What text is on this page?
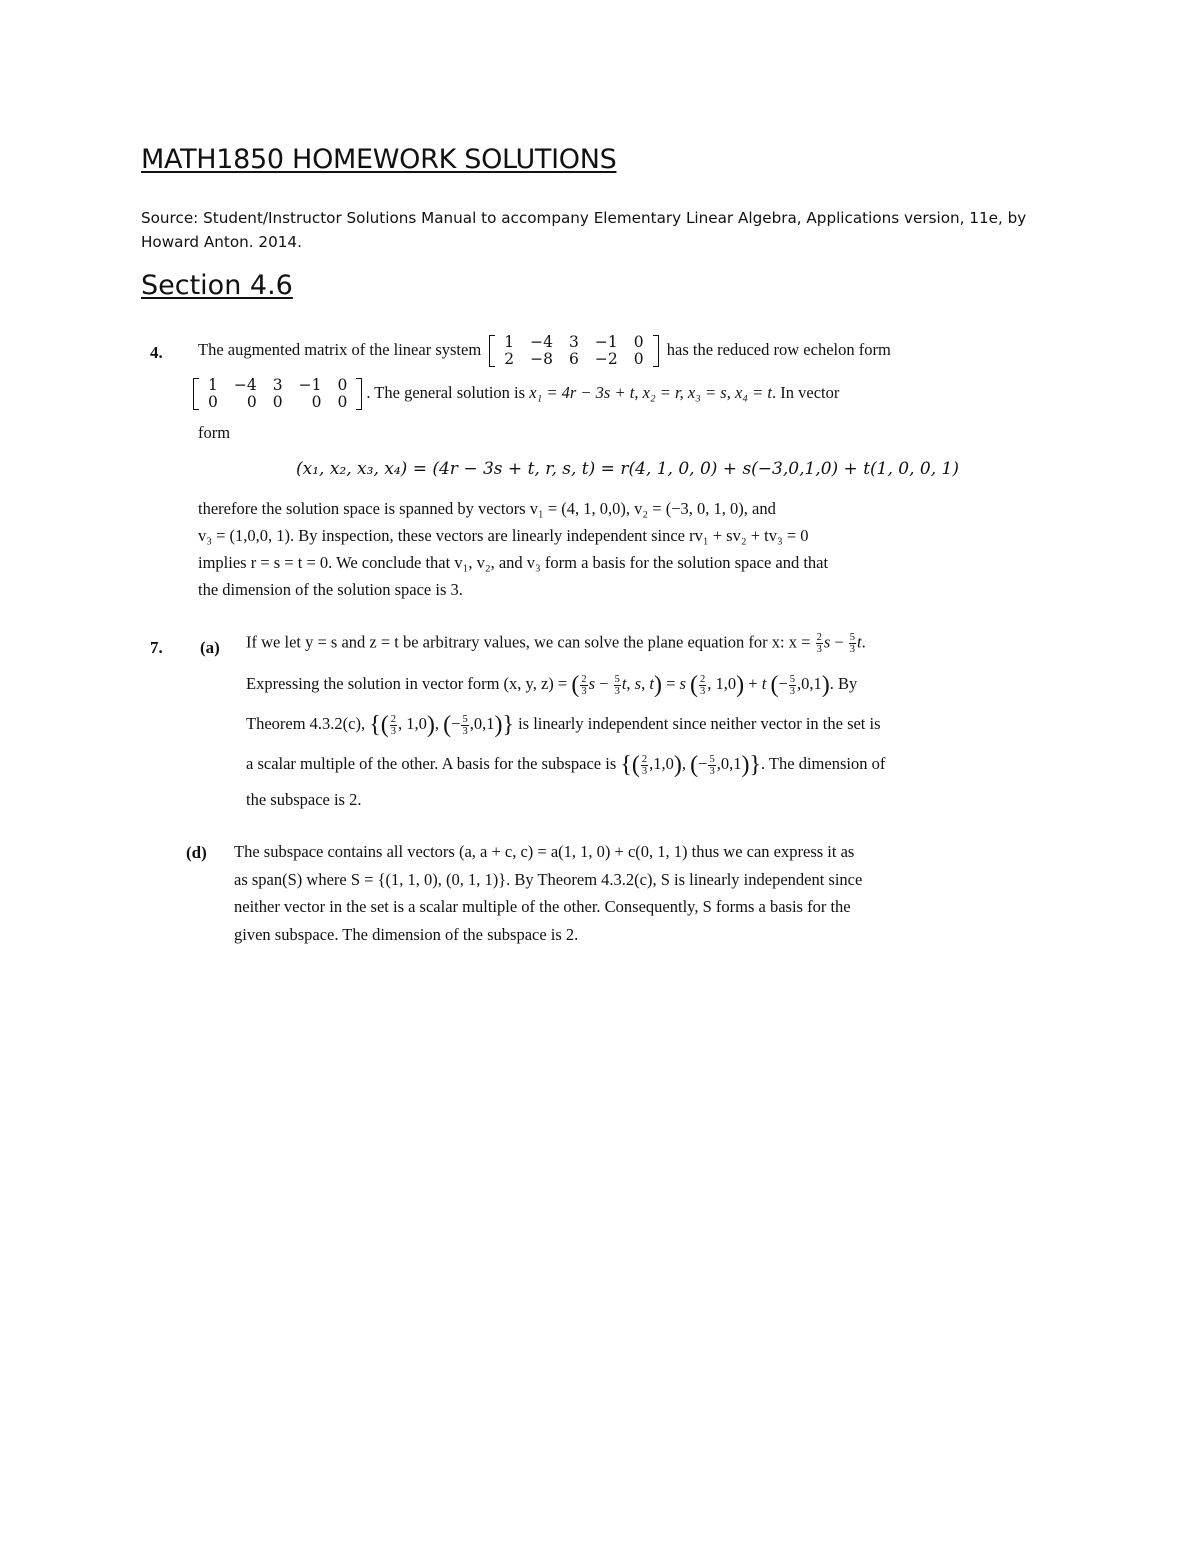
MATH1850 HOMEWORK SOLUTIONS

Source: Student/Instructor Solutions Manual to accompany Elementary Linear Algebra, Applications version, 11e, by Howard Anton. 2014.

Section 4.6
4. The augmented matrix of the linear system 1	−4	3	−1	0
2	−8	6	−2	0
has the reduced row echelon form
1	−4	3	−1	0
0	0	0	0	0
. The general solution is x₁ = 4r − 3s + t, x₂ = r, x₃ = s, x₄ = t. In vector
form
(x₁, x₂, x₃, x₄) = (4r − 3s + t, r, s, t) = r(4, 1, 0, 0) + s(−3,0,1,0) + t(1, 0, 0, 1)
therefore the solution space is spanned by vectors v₁ = (4, 1, 0,0), v₂ = (−3, 0, 1, 0), and
v₃ = (1,0,0, 1). By inspection, these vectors are linearly independent since rv₁ + sv₂ + tv₃ = 0
implies r = s = t = 0. We conclude that v₁, v₂, and v₃ form a basis for the solution space and that
the dimension of the solution space is 3.
7. (a) If we let y = s and z = t be arbitrary values, we can solve the plane equation for x: $x = \frac{2}{3}$ $s - \frac{5}{3} t$.
Expressing the solution in vector form (x, y, z) = ( $\frac{2}{3}$ $s - \frac{5}{3} t$, s, t) = s ( $\frac{2}{3}$ , 1,0) + t (− $\frac{5}{3} ,0,1$). By
Theorem 4.3.2(c), {( $\frac{2}{3}$ , 1,0), (− $\frac{5}{3} ,0,1$)} is linearly independent since neither vector in the set is
a scalar multiple of the other. A basis for the subspace is {( $\frac{2}{3} ,1,0$), (− $\frac{5}{3} ,0,1$)}. The dimension of
the subspace is 2.
(d) The subspace contains all vectors (a, a + c, c) = a(1, 1, 0) + c(0, 1, 1) thus we can express it as
as span(S) where S = {(1, 1, 0), (0, 1, 1)}. By Theorem 4.3.2(c), S is linearly independent since
neither vector in the set is a scalar multiple of the other. Consequently, S forms a basis for the
given subspace. The dimension of the subspace is 2.
